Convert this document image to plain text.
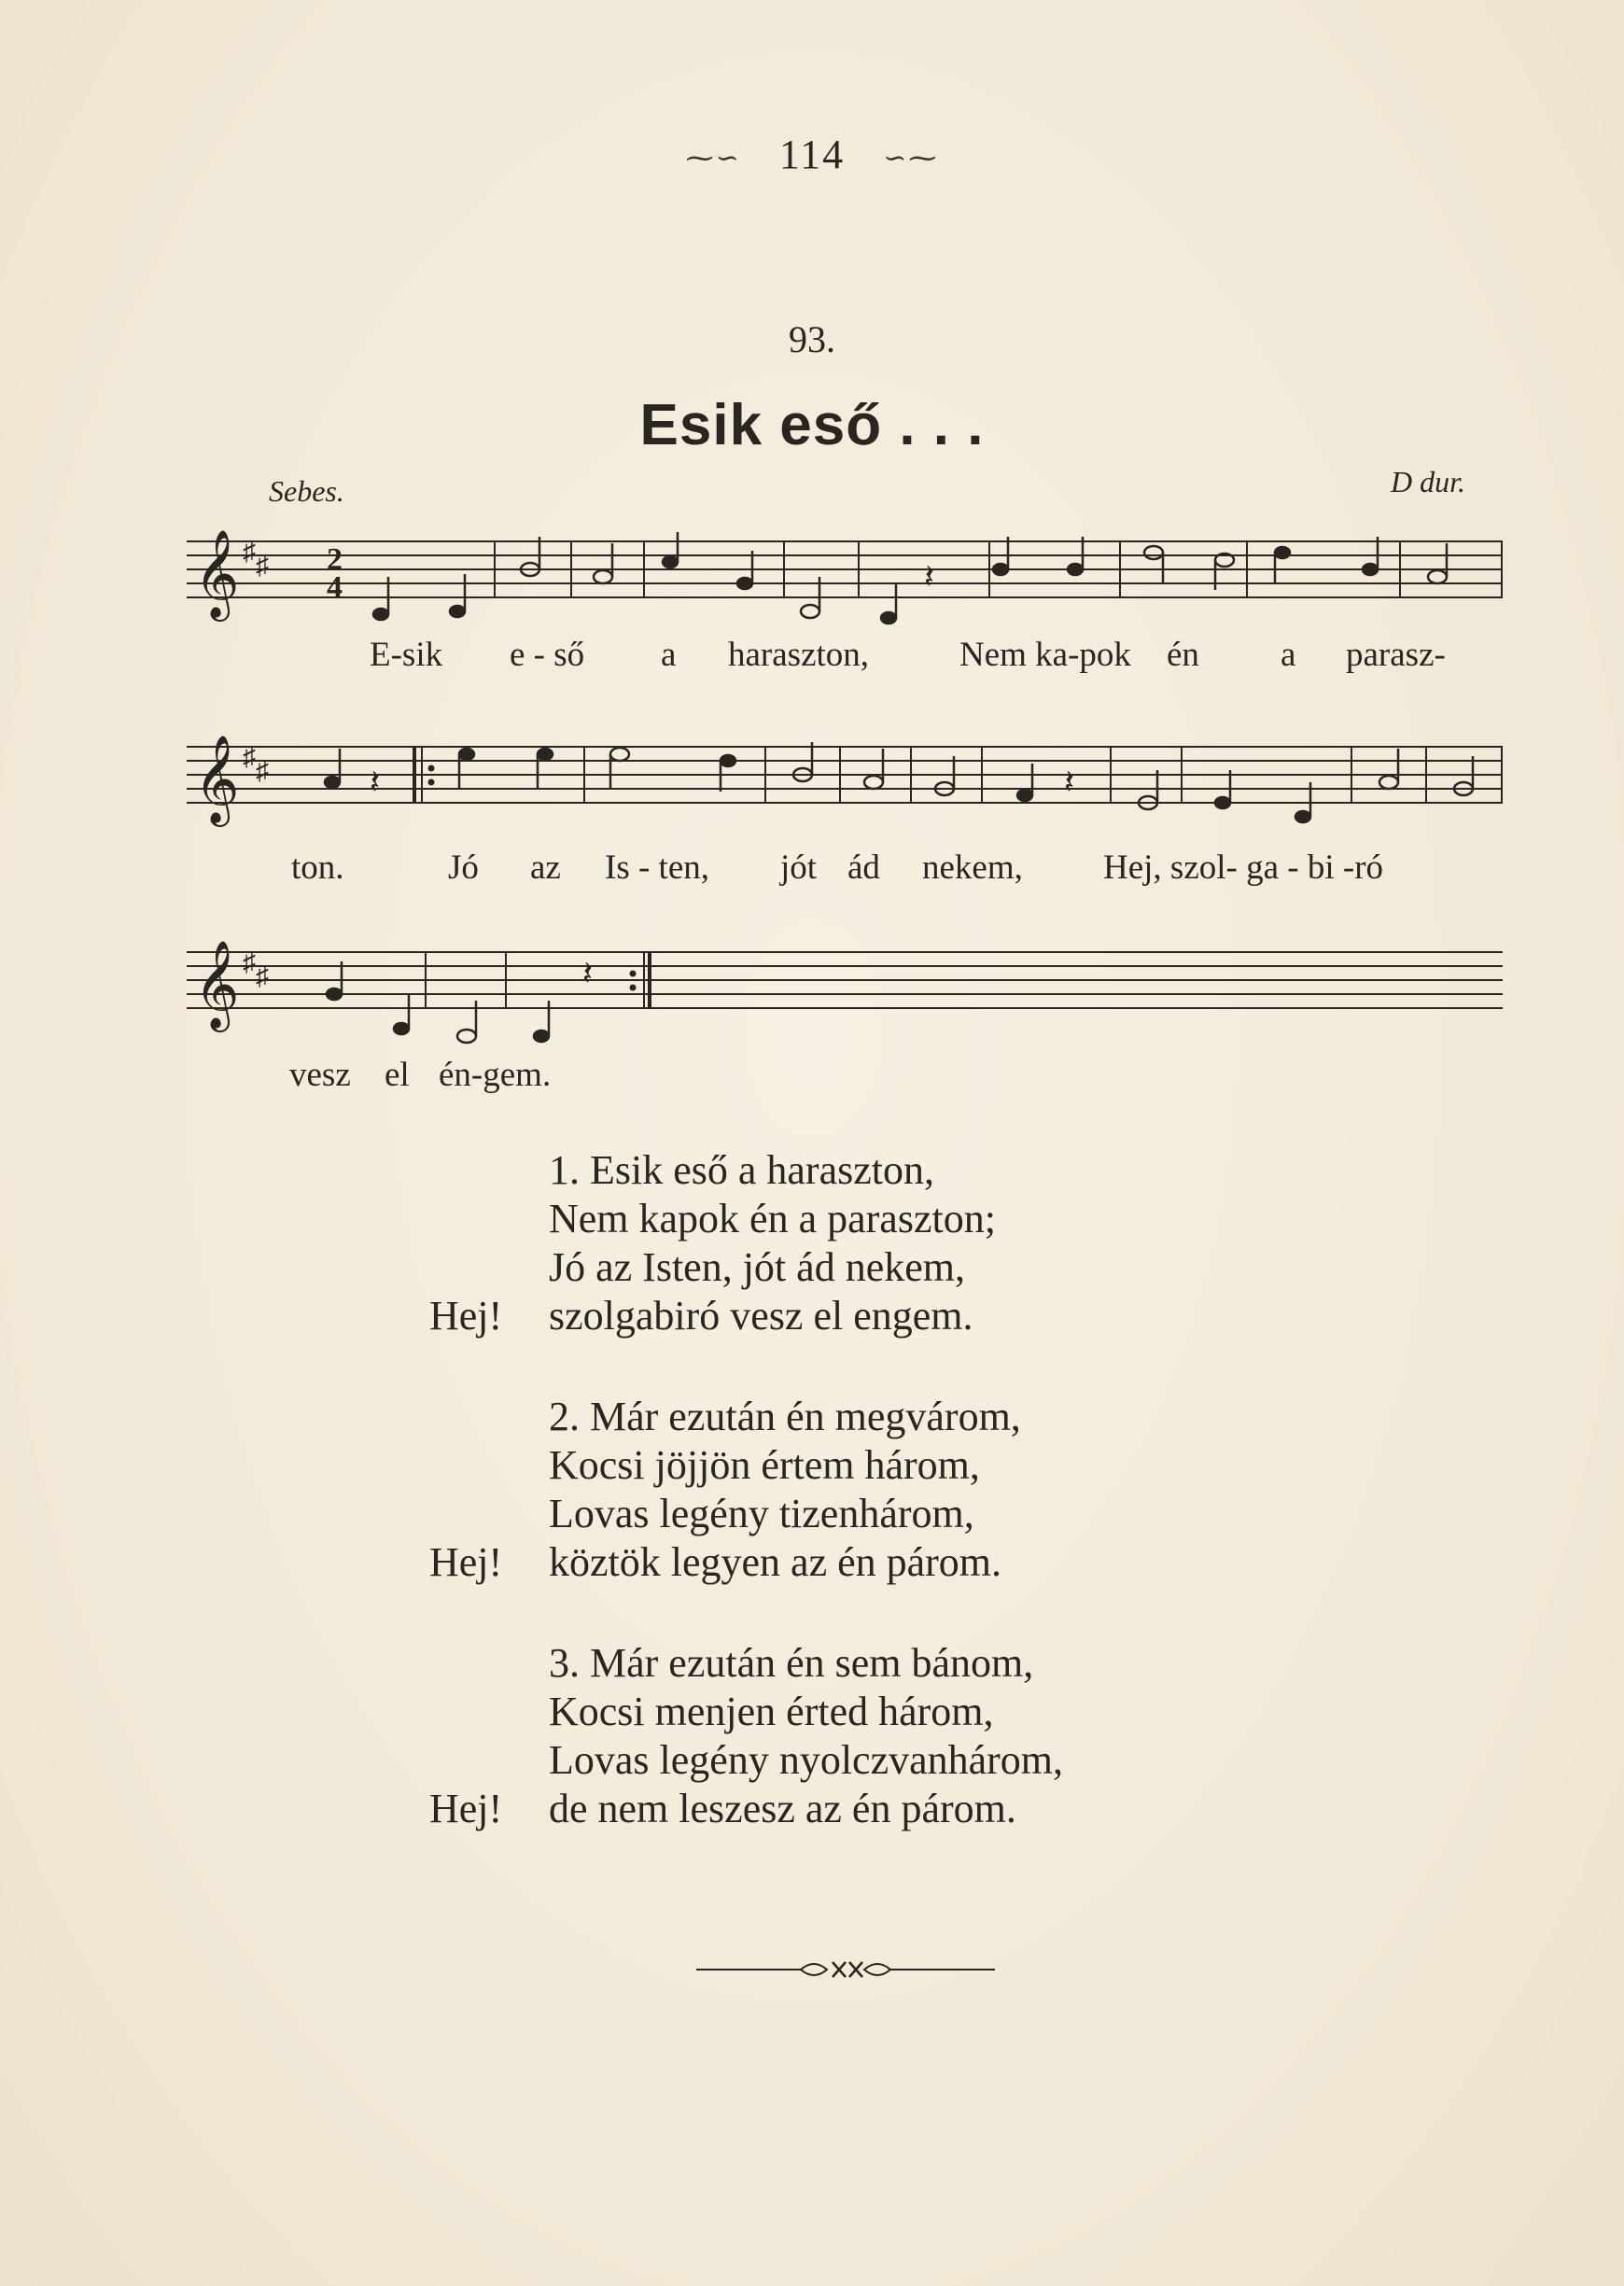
⁓∽ 114 ∽⁓
93.
Esik eső . . .
Sebes.	D dur.
𝄞 ♯ ♯ 2
4	𝄽
E-sik e - ső a haraszton,	Nem ka-pok én a parasz-
𝄞 ♯ ♯	𝄽	𝄽
ton.	Jó az Is - ten, jót ád nekem, Hej, szol- ga - bi -ró
𝄞 ♯ ♯	𝄽
vesz el én-gem.
1. Esik eső a haraszton,
Nem kapok én a paraszton;
Jó az Isten, jót ád nekem,
Hej! szolgabiró vesz el engem.
2. Már ezután én megvárom,
Kocsi jöjjön értem három,
Lovas legény tizenhárom,
Hej! köztök legyen az én párom.
3. Már ezután én sem bánom,
Kocsi menjen érted három,
Lovas legény nyolczvanhárom,
Hej! de nem leszesz az én párom.
